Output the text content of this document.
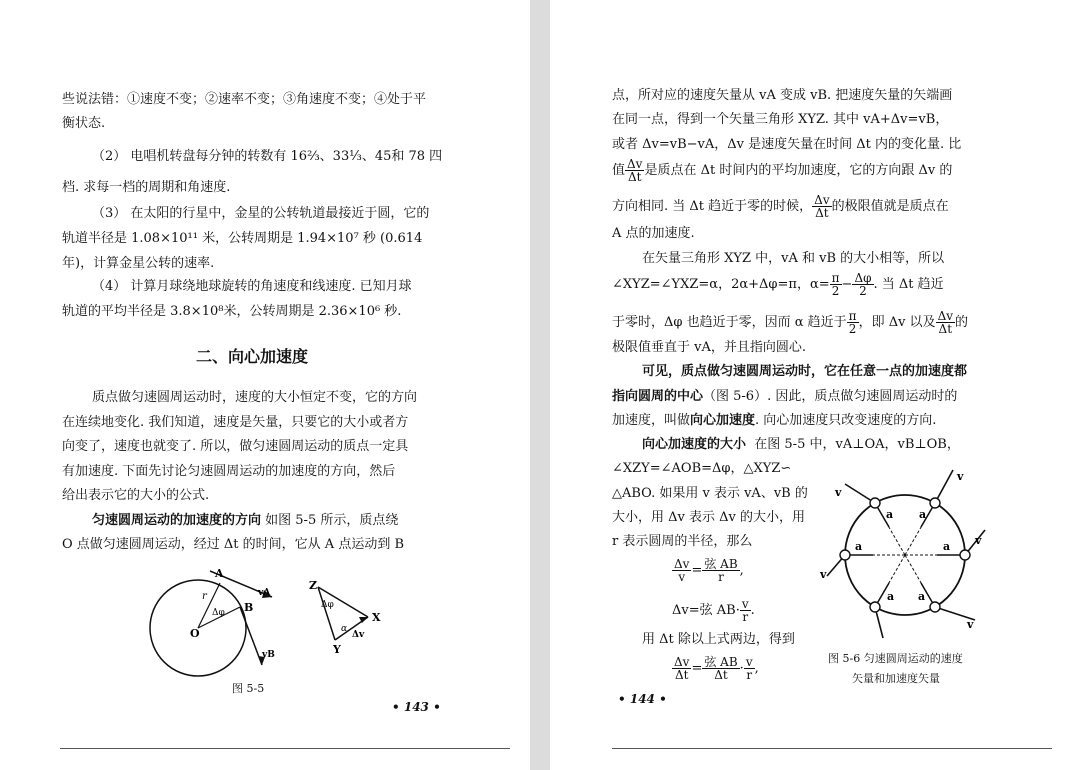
些说法错：①速度不变；②速率不变；③角速度不变；④处于平
衡状态.
（2） 电唱机转盘每分钟的转数有 16⅔、33⅓、45和 78 四
档. 求每一档的周期和角速度.
（3） 在太阳的行星中，金星的公转轨道最接近于圆，它的
轨道半径是 1.08×10¹¹ 米，公转周期是 1.94×10⁷ 秒 (0.614
年)，计算金星公转的速率.
（4） 计算月球绕地球旋转的角速度和线速度. 已知月球
轨道的平均半径是 3.8×10⁸米，公转周期是 2.36×10⁶ 秒.
二、向心加速度
质点做匀速圆周运动时，速度的大小恒定不变，它的方向
在连续地变化. 我们知道，速度是矢量，只要它的大小或者方
向变了，速度也就变了. 所以，做匀速圆周运动的质点一定具
有加速度. 下面先讨论匀速圆周运动的加速度的方向，然后
给出表示它的大小的公式.
匀速圆周运动的加速度的方向 如图 5-5 所示，质点绕
O 点做匀速圆周运动，经过 Δt 的时间，它从 A 点运动到 B
A
B
O
r
Δφ
vA
vB
Z
Y
X
α
Δφ
Δv
图 5-5
• 143 •
点，所对应的速度矢量从 vA 变成 vB. 把速度矢量的矢端画
在同一点，得到一个矢量三角形 XYZ. 其中 vA+Δv=vB，
或者 Δv=vB−vA，Δv 是速度矢量在时间 Δt 内的变化量. 比
值 $\frac{\Delta v}{\Delta t}$ 是质点在 Δt 时间内的平均加速度，它的方向跟 Δv 的
方向相同. 当 Δt 趋近于零的时候， $\frac{\Delta v}{\Delta t}$ 的极限值就是质点在
A 点的加速度.
在矢量三角形 XYZ 中，vA 和 vB 的大小相等，所以
∠XYZ=∠YXZ=α，2α+Δφ=π，$\alpha= \frac{\pi}{2} - \frac{\Delta\varphi}{2}$ . 当 Δt 趋近
于零时，Δφ 也趋近于零，因而 α 趋近于 $\frac{\pi}{2}$ ，即 Δv 以及 $\frac{\Delta v}{\Delta t}$ 的
极限值垂直于 vA，并且指向圆心.
可见，质点做匀速圆周运动时，它在任意一点的加速度都
指向圆周的中心（图 5-6）. 因此，质点做匀速圆周运动时的
加速度，叫做向心加速度. 向心加速度只改变速度的方向.
向心加速度的大小 在图 5-5 中，vA⊥OA，vB⊥OB，
∠XZY=∠AOB=Δφ，△XYZ∽
△ABO. 如果用 v 表示 vA、vB 的
大小，用 Δv 表示 Δv 的大小，用
r 表示圆周的半径，那么
$\frac{\Delta v}{v} = \frac{\text{弦 AB}}{r}$ ,
Δv=弦 $AB\cdot \frac{v}{r}$ .
用 Δt 除以上式两边，得到
$\frac{\Delta v}{\Delta t} = \frac{\text{弦 AB}}{\Delta t} \cdot \frac{v}{r}$ ,
v
v
v
v
v
a a
a
a
a
a
图 5-6 匀速圆周运动的速度
矢量和加速度矢量
• 144 •
